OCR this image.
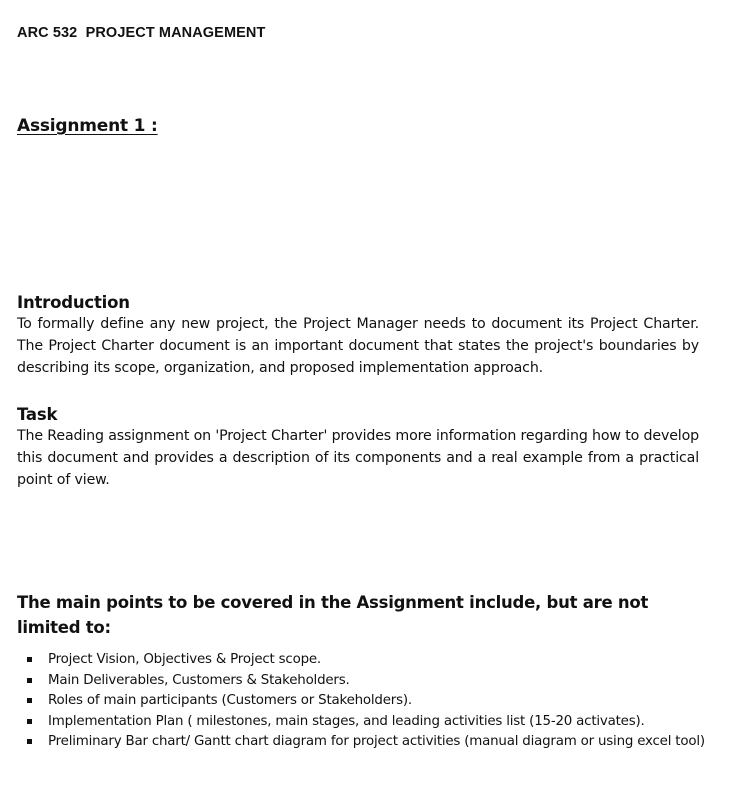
ARC 532  PROJECT MANAGEMENT
Assignment 1 :
Introduction

To formally define any new project, the Project Manager needs to document its Project Charter. The Project Charter document is an important document that states the project's boundaries by describing its scope, organization, and proposed implementation approach.

Task

The Reading assignment on 'Project Charter' provides more information regarding how to develop this document and provides a description of its components and a real example from a practical point of view.

The main points to be covered in the Assignment include, but are not limited to:
Project Vision, Objectives & Project scope.
Main Deliverables, Customers & Stakeholders.
Roles of main participants (Customers or Stakeholders).
Implementation Plan ( milestones, main stages, and leading activities list (15-20 activates).
Preliminary Bar chart/ Gantt chart diagram for project activities (manual diagram or using excel tool)
